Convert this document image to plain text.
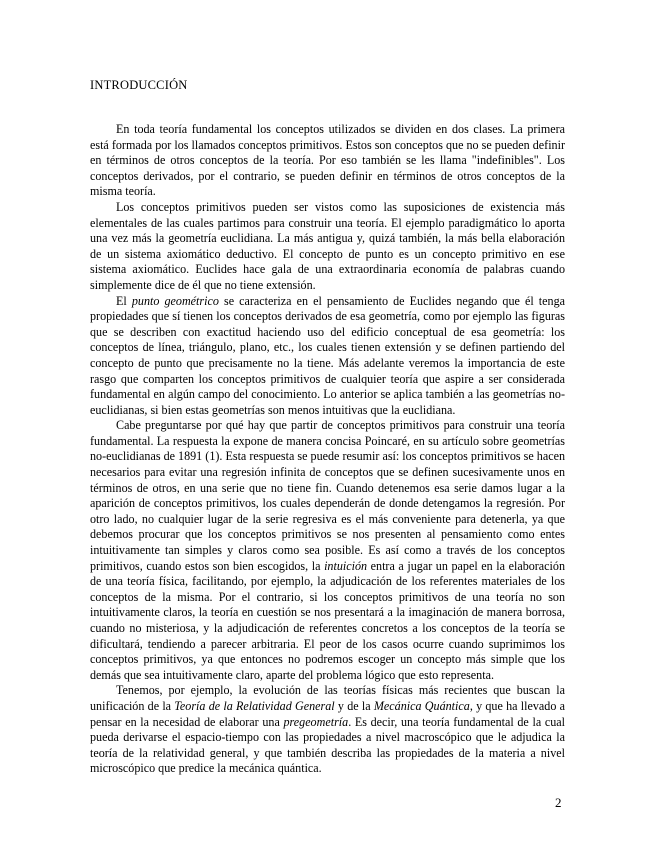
INTRODUCCIÓN

En toda teoría fundamental los conceptos utilizados se dividen en dos clases. La primera está formada por los llamados conceptos primitivos. Estos son conceptos que no se pueden definir en términos de otros conceptos de la teoría. Por eso también se les llama "indefinibles". Los conceptos derivados, por el contrario, se pueden definir en términos de otros conceptos de la misma teoría.

Los conceptos primitivos pueden ser vistos como las suposiciones de existencia más elementales de las cuales partimos para construir una teoría. El ejemplo paradigmático lo aporta una vez más la geometría euclidiana. La más antigua y, quizá también, la más bella elaboración de un sistema axiomático deductivo. El concepto de punto es un concepto primitivo en ese sistema axiomático. Euclides hace gala de una extraordinaria economía de palabras cuando simplemente dice de él que no tiene extensión.

El punto geométrico se caracteriza en el pensamiento de Euclides negando que él tenga propiedades que sí tienen los conceptos derivados de esa geometría, como por ejemplo las figuras que se describen con exactitud haciendo uso del edificio conceptual de esa geometría: los conceptos de línea, triángulo, plano, etc., los cuales tienen extensión y se definen partiendo del concepto de punto que precisamente no la tiene. Más adelante veremos la importancia de este rasgo que comparten los conceptos primitivos de cualquier teoría que aspire a ser considerada fundamental en algún campo del conocimiento. Lo anterior se aplica también a las geometrías no-euclidianas, si bien estas geometrías son menos intuitivas que la euclidiana.

Cabe preguntarse por qué hay que partir de conceptos primitivos para construir una teoría fundamental. La respuesta la expone de manera concisa Poincaré, en su artículo sobre geometrías no-euclidianas de 1891 (1). Esta respuesta se puede resumir así: los conceptos primitivos se hacen necesarios para evitar una regresión infinita de conceptos que se definen sucesivamente unos en términos de otros, en una serie que no tiene fin. Cuando detenemos esa serie damos lugar a la aparición de conceptos primitivos, los cuales dependerán de donde detengamos la regresión. Por otro lado, no cualquier lugar de la serie regresiva es el más conveniente para detenerla, ya que debemos procurar que los conceptos primitivos se nos presenten al pensamiento como entes intuitivamente tan simples y claros como sea posible. Es así como a través de los conceptos primitivos, cuando estos son bien escogidos, la intuición entra a jugar un papel en la elaboración de una teoría física, facilitando, por ejemplo, la adjudicación de los referentes materiales de los conceptos de la misma. Por el contrario, si los conceptos primitivos de una teoría no son intuitivamente claros, la teoría en cuestión se nos presentará a la imaginación de manera borrosa, cuando no misteriosa, y la adjudicación de referentes concretos a los conceptos de la teoría se dificultará, tendiendo a parecer arbitraria. El peor de los casos ocurre cuando suprimimos los conceptos primitivos, ya que entonces no podremos escoger un concepto más simple que los demás que sea intuitivamente claro, aparte del problema lógico que esto representa.

Tenemos, por ejemplo, la evolución de las teorías físicas más recientes que buscan la unificación de la Teoría de la Relatividad General y de la Mecánica Quántica, y que ha llevado a pensar en la necesidad de elaborar una pregeometría. Es decir, una teoría fundamental de la cual pueda derivarse el espacio-tiempo con las propiedades a nivel macroscópico que le adjudica la teoría de la relatividad general, y que también describa las propiedades de la materia a nivel microscópico que predice la mecánica quántica.

2
